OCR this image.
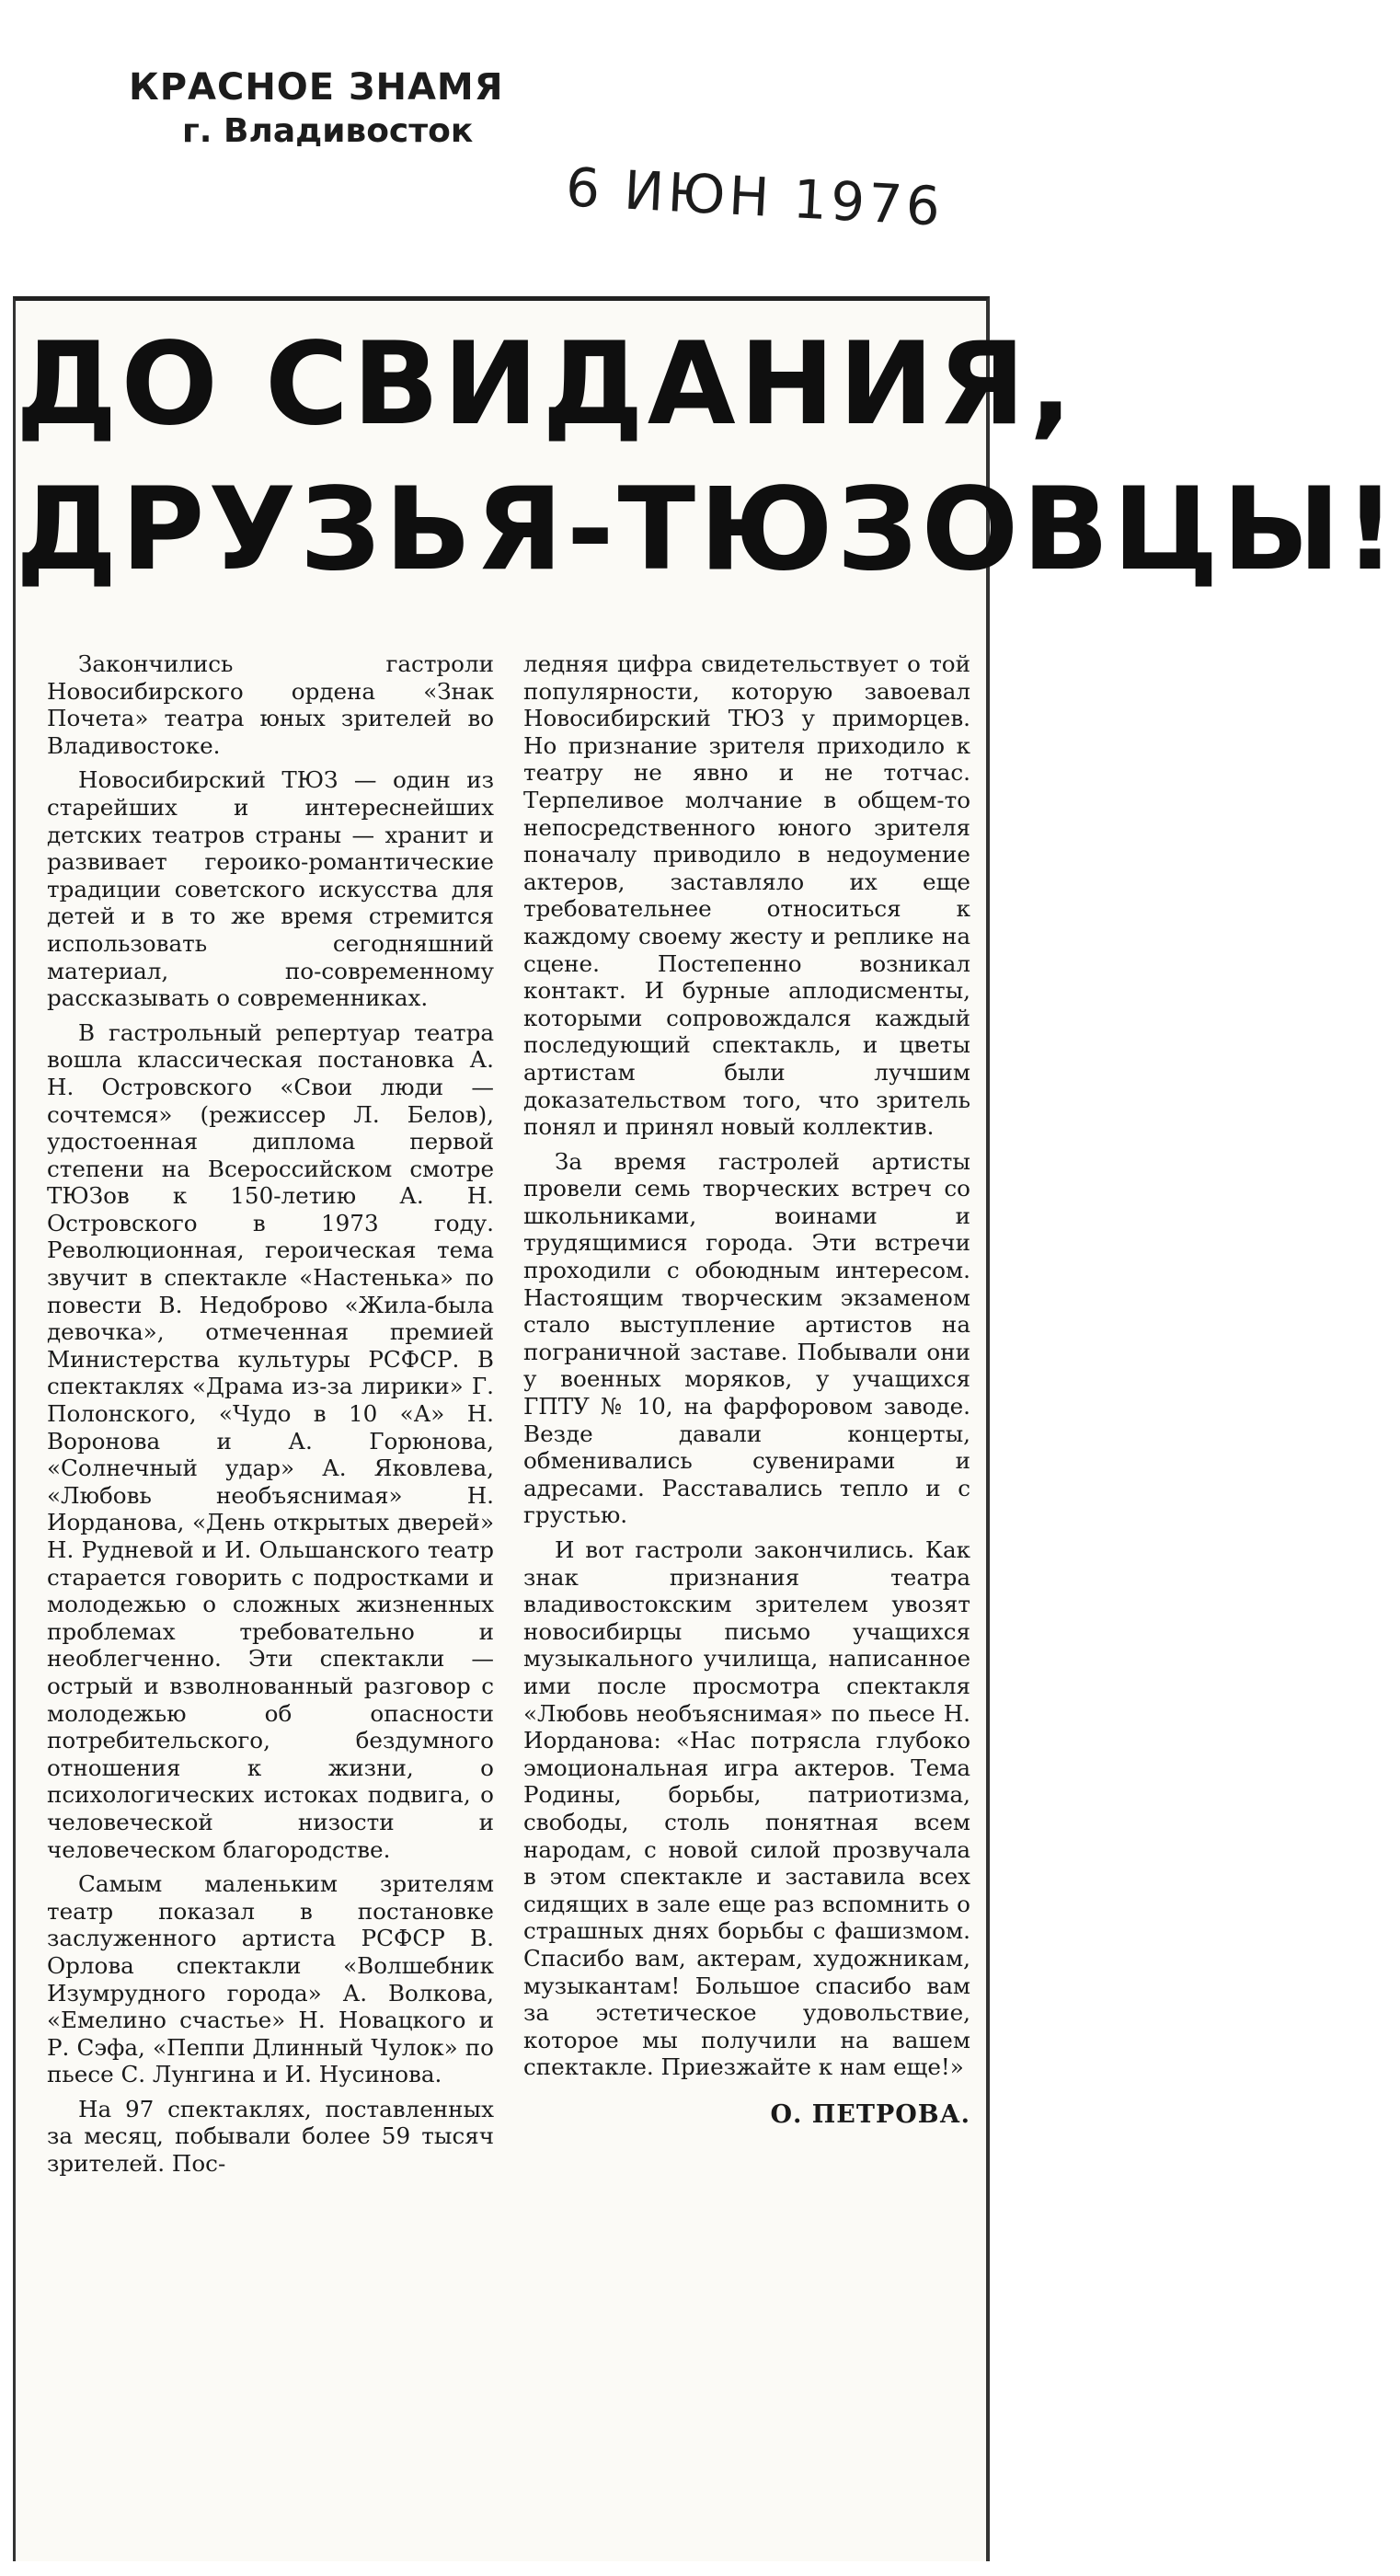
КРАСНОЕ ЗНАМЯ
г. Владивосток
6 ИЮН 1976
ДО СВИДАНИЯ,
ДРУЗЬЯ-ТЮЗОВЦЫ!

Закончились гастроли Новосибирского ордена «Знак Почета» театра юных зрителей во Владивостоке.

Новосибирский ТЮЗ — один из старейших и интереснейших детских театров страны — хранит и развивает героико-романтические традиции советского искусства для детей и в то же время стремится использовать сегодняшний материал, по-современному рассказывать о современниках.

В гастрольный репертуар театра вошла классическая постановка А. Н. Островского «Свои люди — сочтемся» (режиссер Л. Белов), удостоенная диплома первой степени на Всероссийском смотре ТЮЗов к 150-летию А. Н. Островского в 1973 году. Революционная, героическая тема звучит в спектакле «Настенька» по повести В. Недоброво «Жила-была девочка», отмеченная премией Министерства культуры РСФСР. В спектаклях «Драма из-за лирики» Г. Полонского, «Чудо в 10 «А» Н. Воронова и А. Горюнова, «Солнечный удар» А. Яковлева, «Любовь необъяснимая» Н. Иорданова, «День открытых дверей» Н. Рудневой и И. Ольшанского театр старается говорить с подростками и молодежью о сложных жизненных проблемах требовательно и необлегченно. Эти спектакли — острый и взволнованный разговор с молодежью об опасности потребительского, бездумного отношения к жизни, о психологических истоках подвига, о человеческой низости и человеческом благородстве.

Самым маленьким зрителям театр показал в постановке заслуженного артиста РСФСР В. Орлова спектакли «Волшебник Изумрудного города» А. Волкова, «Емелино счастье» Н. Новацкого и Р. Сэфа, «Пеппи Длинный Чулок» по пьесе С. Лунгина и И. Нусинова.

На 97 спектаклях, поставленных за месяц, побывали более 59 тысяч зрителей. Пос-

ледняя цифра свидетельствует о той популярности, которую завоевал Новосибирский ТЮЗ у приморцев. Но признание зрителя приходило к театру не явно и не тотчас. Терпеливое молчание в общем-то непосредственного юного зрителя поначалу приводило в недоумение актеров, заставляло их еще требовательнее относиться к каждому своему жесту и реплике на сцене. Постепенно возникал контакт. И бурные аплодисменты, которыми сопровождался каждый последующий спектакль, и цветы артистам были лучшим доказательством того, что зритель понял и принял новый коллектив.

За время гастролей артисты провели семь творческих встреч со школьниками, воинами и трудящимися города. Эти встречи проходили с обоюдным интересом. Настоящим творческим экзаменом стало выступление артистов на пограничной заставе. Побывали они у военных моряков, у учащихся ГПТУ № 10, на фарфоровом заводе. Везде давали концерты, обменивались сувенирами и адресами. Расставались тепло и с грустью.

И вот гастроли закончились. Как знак признания театра владивостокским зрителем увозят новосибирцы письмо учащихся музыкального училища, написанное ими после просмотра спектакля «Любовь необъяснимая» по пьесе Н. Иорданова: «Нас потрясла глубоко эмоциональная игра актеров. Тема Родины, борьбы, патриотизма, свободы, столь понятная всем народам, с новой силой прозвучала в этом спектакле и заставила всех сидящих в зале еще раз вспомнить о страшных днях борьбы с фашизмом. Спасибо вам, актерам, художникам, музыкантам! Большое спасибо вам за эстетическое удовольствие, которое мы получили на вашем спектакле. Приезжайте к нам еще!»

О. ПЕТРОВА.
